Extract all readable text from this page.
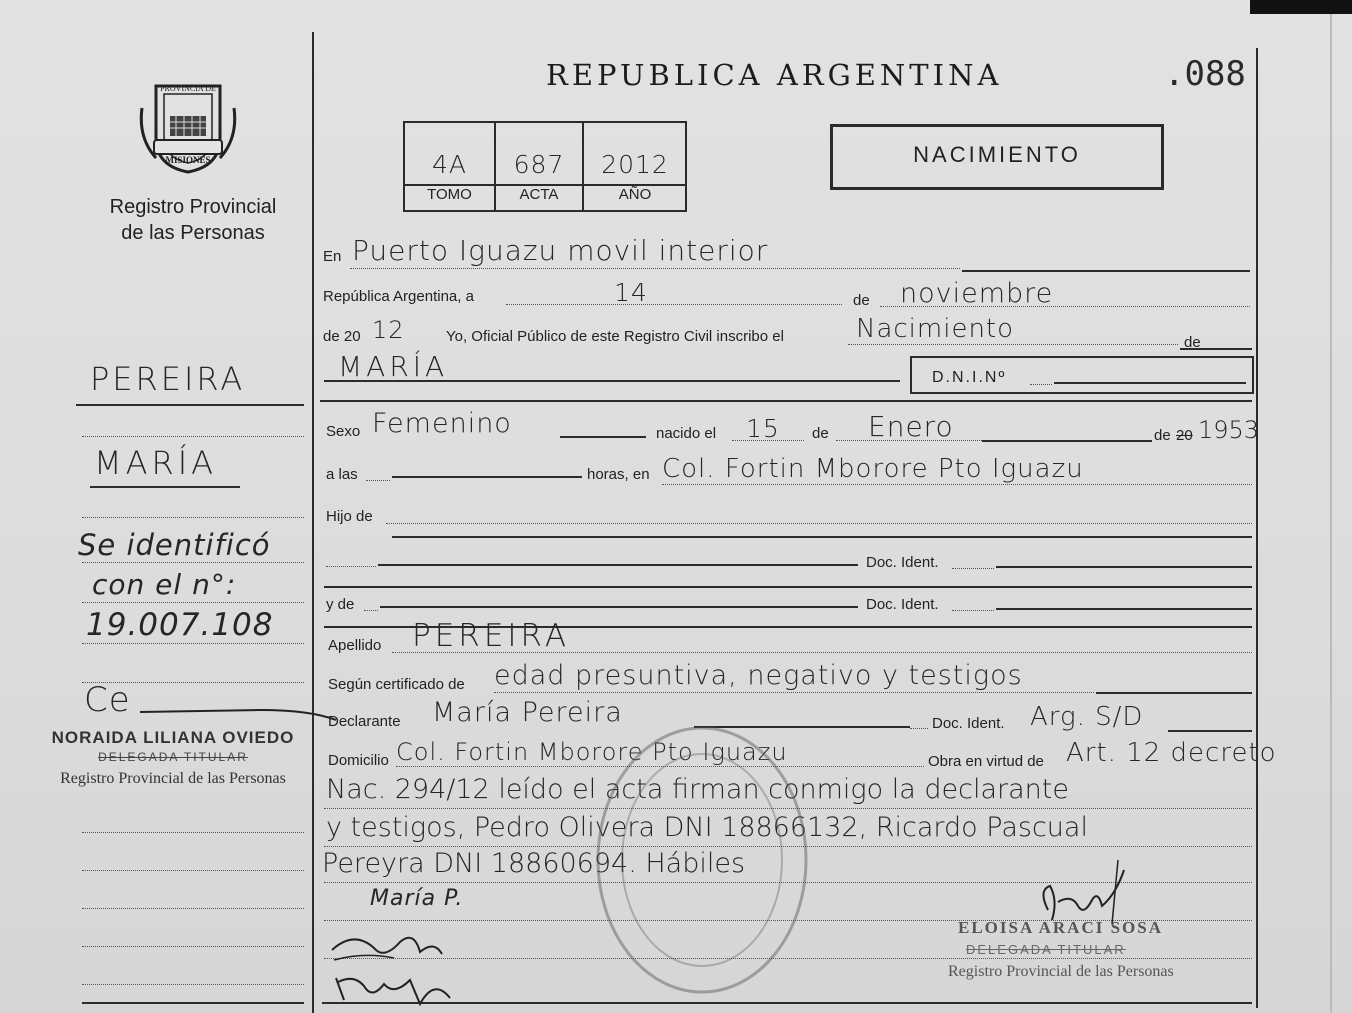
REPUBLICA ARGENTINA	.088
PROVINCIA DE
MISIONES
Registro Provincial
de las Personas
4A	687	2012
TOMO	ACTA	AÑO
NACIMIENTO
PEREIRA
MARÍA
Se identificó
con el n°:
19.007.108
Ce
NORAIDA LILIANA OVIEDO
DELEGADA TITULAR
Registro Provincial de las Personas
En Puerto Iguazu movil interior
República Argentina, a	14	de noviembre
de 20 12	Yo, Oficial Público de este Registro Civil inscribo el	Nacimiento	de
MARÍA	D.N.I.Nº
Sexo Femenino	nacido el 15 de Enero	de 20 1953
a las	horas, en Col. Fortin Mborore Pto Iguazu
Hijo de
Doc. Ident.
y de	Doc. Ident.
Apellido PEREIRA
Según certificado de edad presuntiva, negativo y testigos
Declarante María Pereira	Doc. Ident. Arg. S/D
Domicilio Col. Fortin Mborore Pto Iguazu	Obra en virtud de Art. 12 decreto
Nac. 294/12 leído el acta firman conmigo la declarante
y testigos, Pedro Olivera DNI 18866132, Ricardo Pascual
Pereyra DNI 18860694. Hábiles
María P.
ELOISA ARACI SOSA
DELEGADA TITULAR
Registro Provincial de las Personas
